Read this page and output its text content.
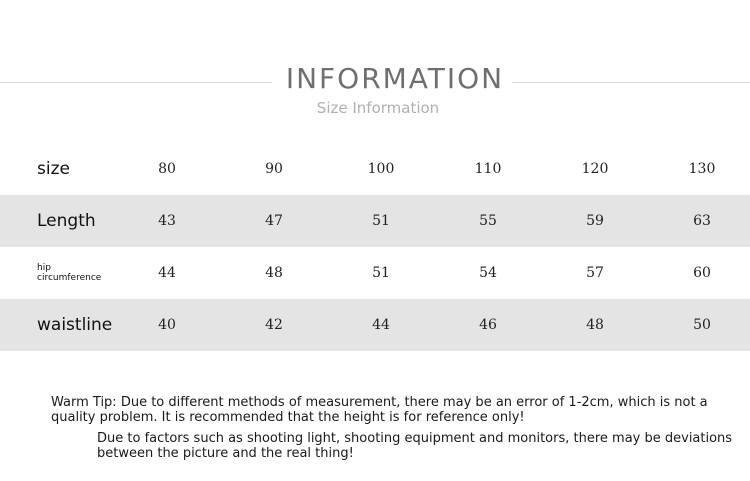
INFORMATION
Size Information
size	80	90	100	110	120	130
Length	43	47	51	55	59	63
hip
circumference	44	48	51	54	57	60
waistline	40	42	44	46	48	50
Warm Tip: Due to different methods of measurement, there may be an error of 1-2cm, which is not a quality problem. It is recommended that the height is for reference only!
Due to factors such as shooting light, shooting equipment and monitors, there may be deviations between the picture and the real thing!
